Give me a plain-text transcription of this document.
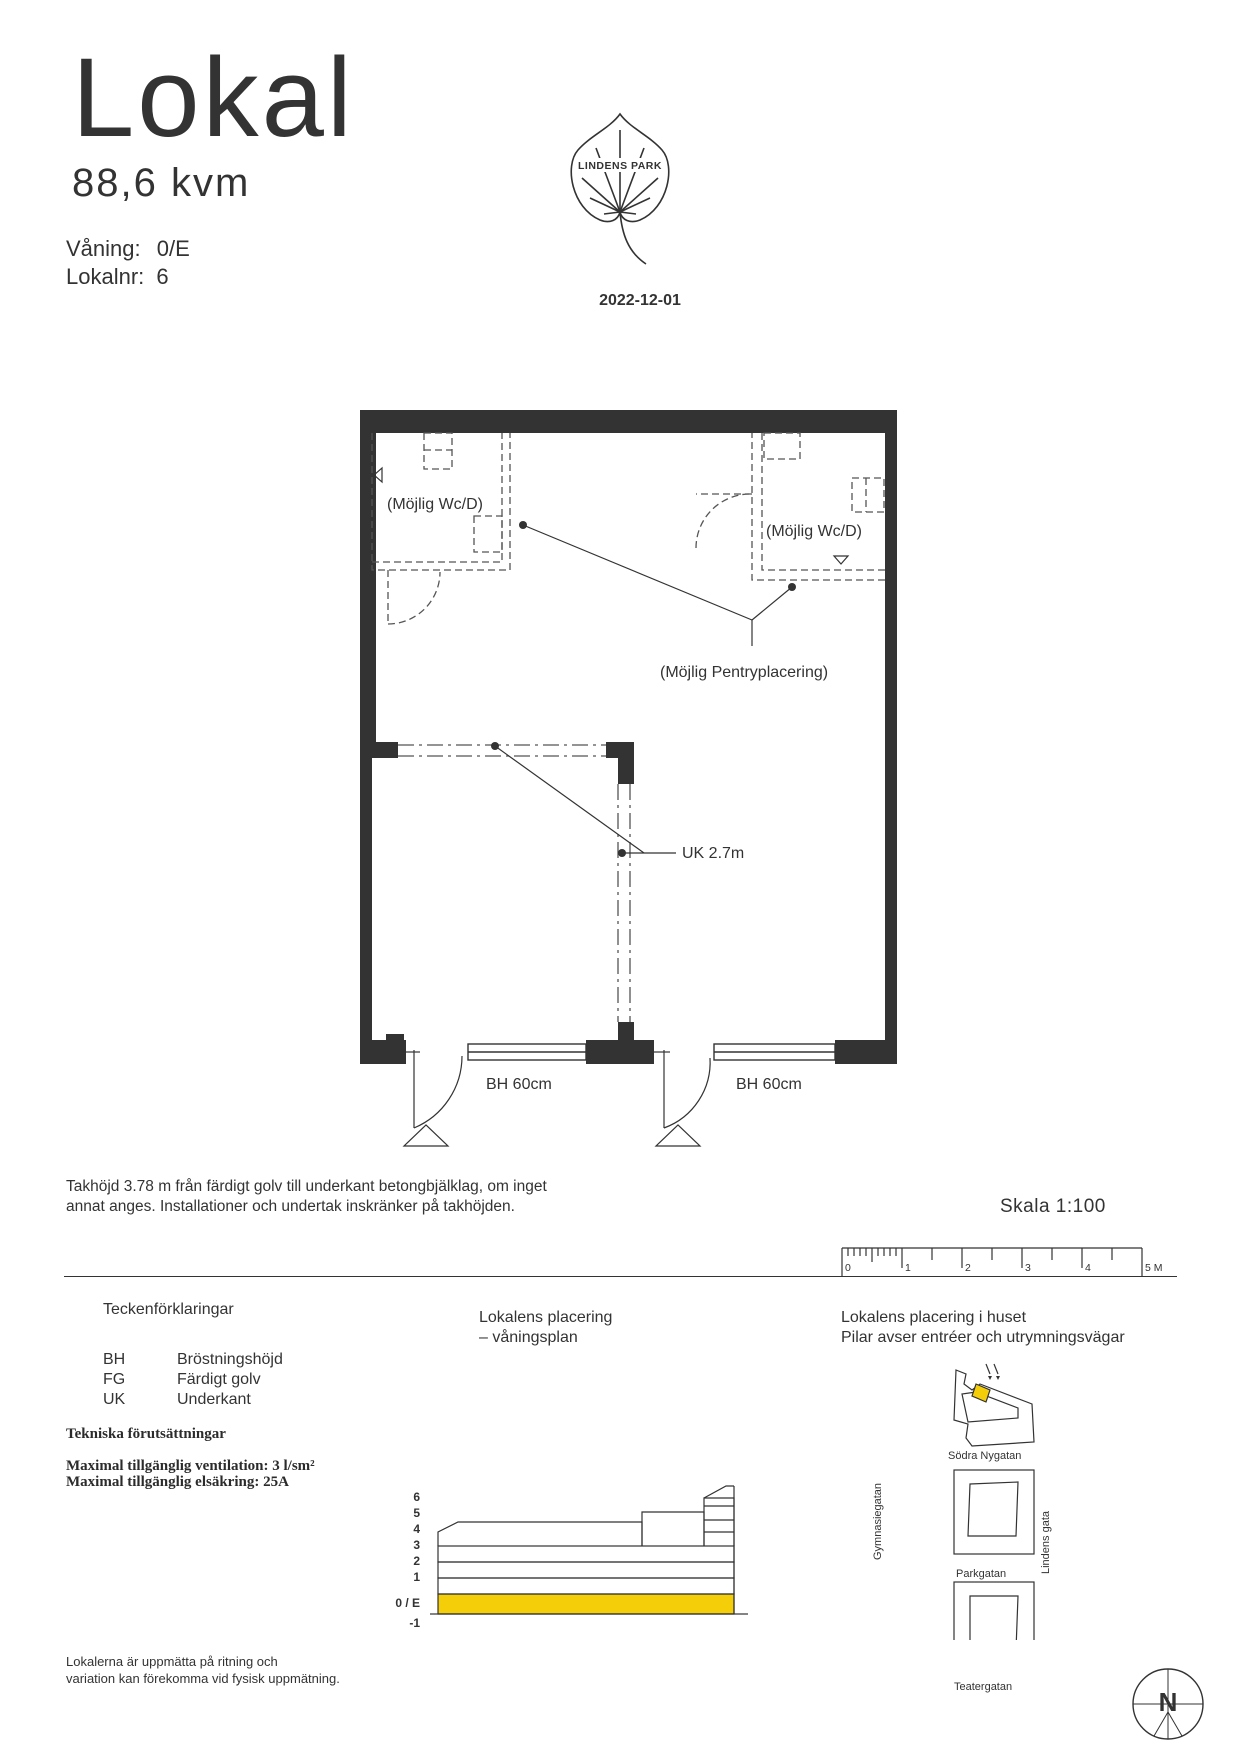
Lokal
88,6 kvm
Våning: 0/E
Lokalnr: 6
LINDENS PARK
2022-12-01
(Möjlig Wc/D)
(Möjlig Wc/D)
(Möjlig Pentryplacering)
UK 2.7m
BH 60cm	BH 60cm
Takhöjd 3.78 m från färdigt golv till underkant betongbjälklag, om inget
annat anges. Installationer och undertak inskränker på takhöjden.	Skala 1:100
0	1	2	3	4	5 M
Teckenförklaringar
BH	Bröstningshöjd
FG	Färdigt golv
UK	Underkant
Tekniska förutsättningar
Maximal tillgänglig ventilation: 3 l/sm²
Maximal tillgänglig elsäkring: 25A
Lokalens placering
– våningsplan
6
5
4
3
2
1
0 / E
-1
Lokalens placering i huset
Pilar avser entréer och utrymningsvägar
Södra Nygatan
Parkgatan
Teatergatan
Gymnasiegatan	Lindens gata
N
Lokalerna är uppmätta på ritning och
variation kan förekomma vid fysisk uppmätning.
